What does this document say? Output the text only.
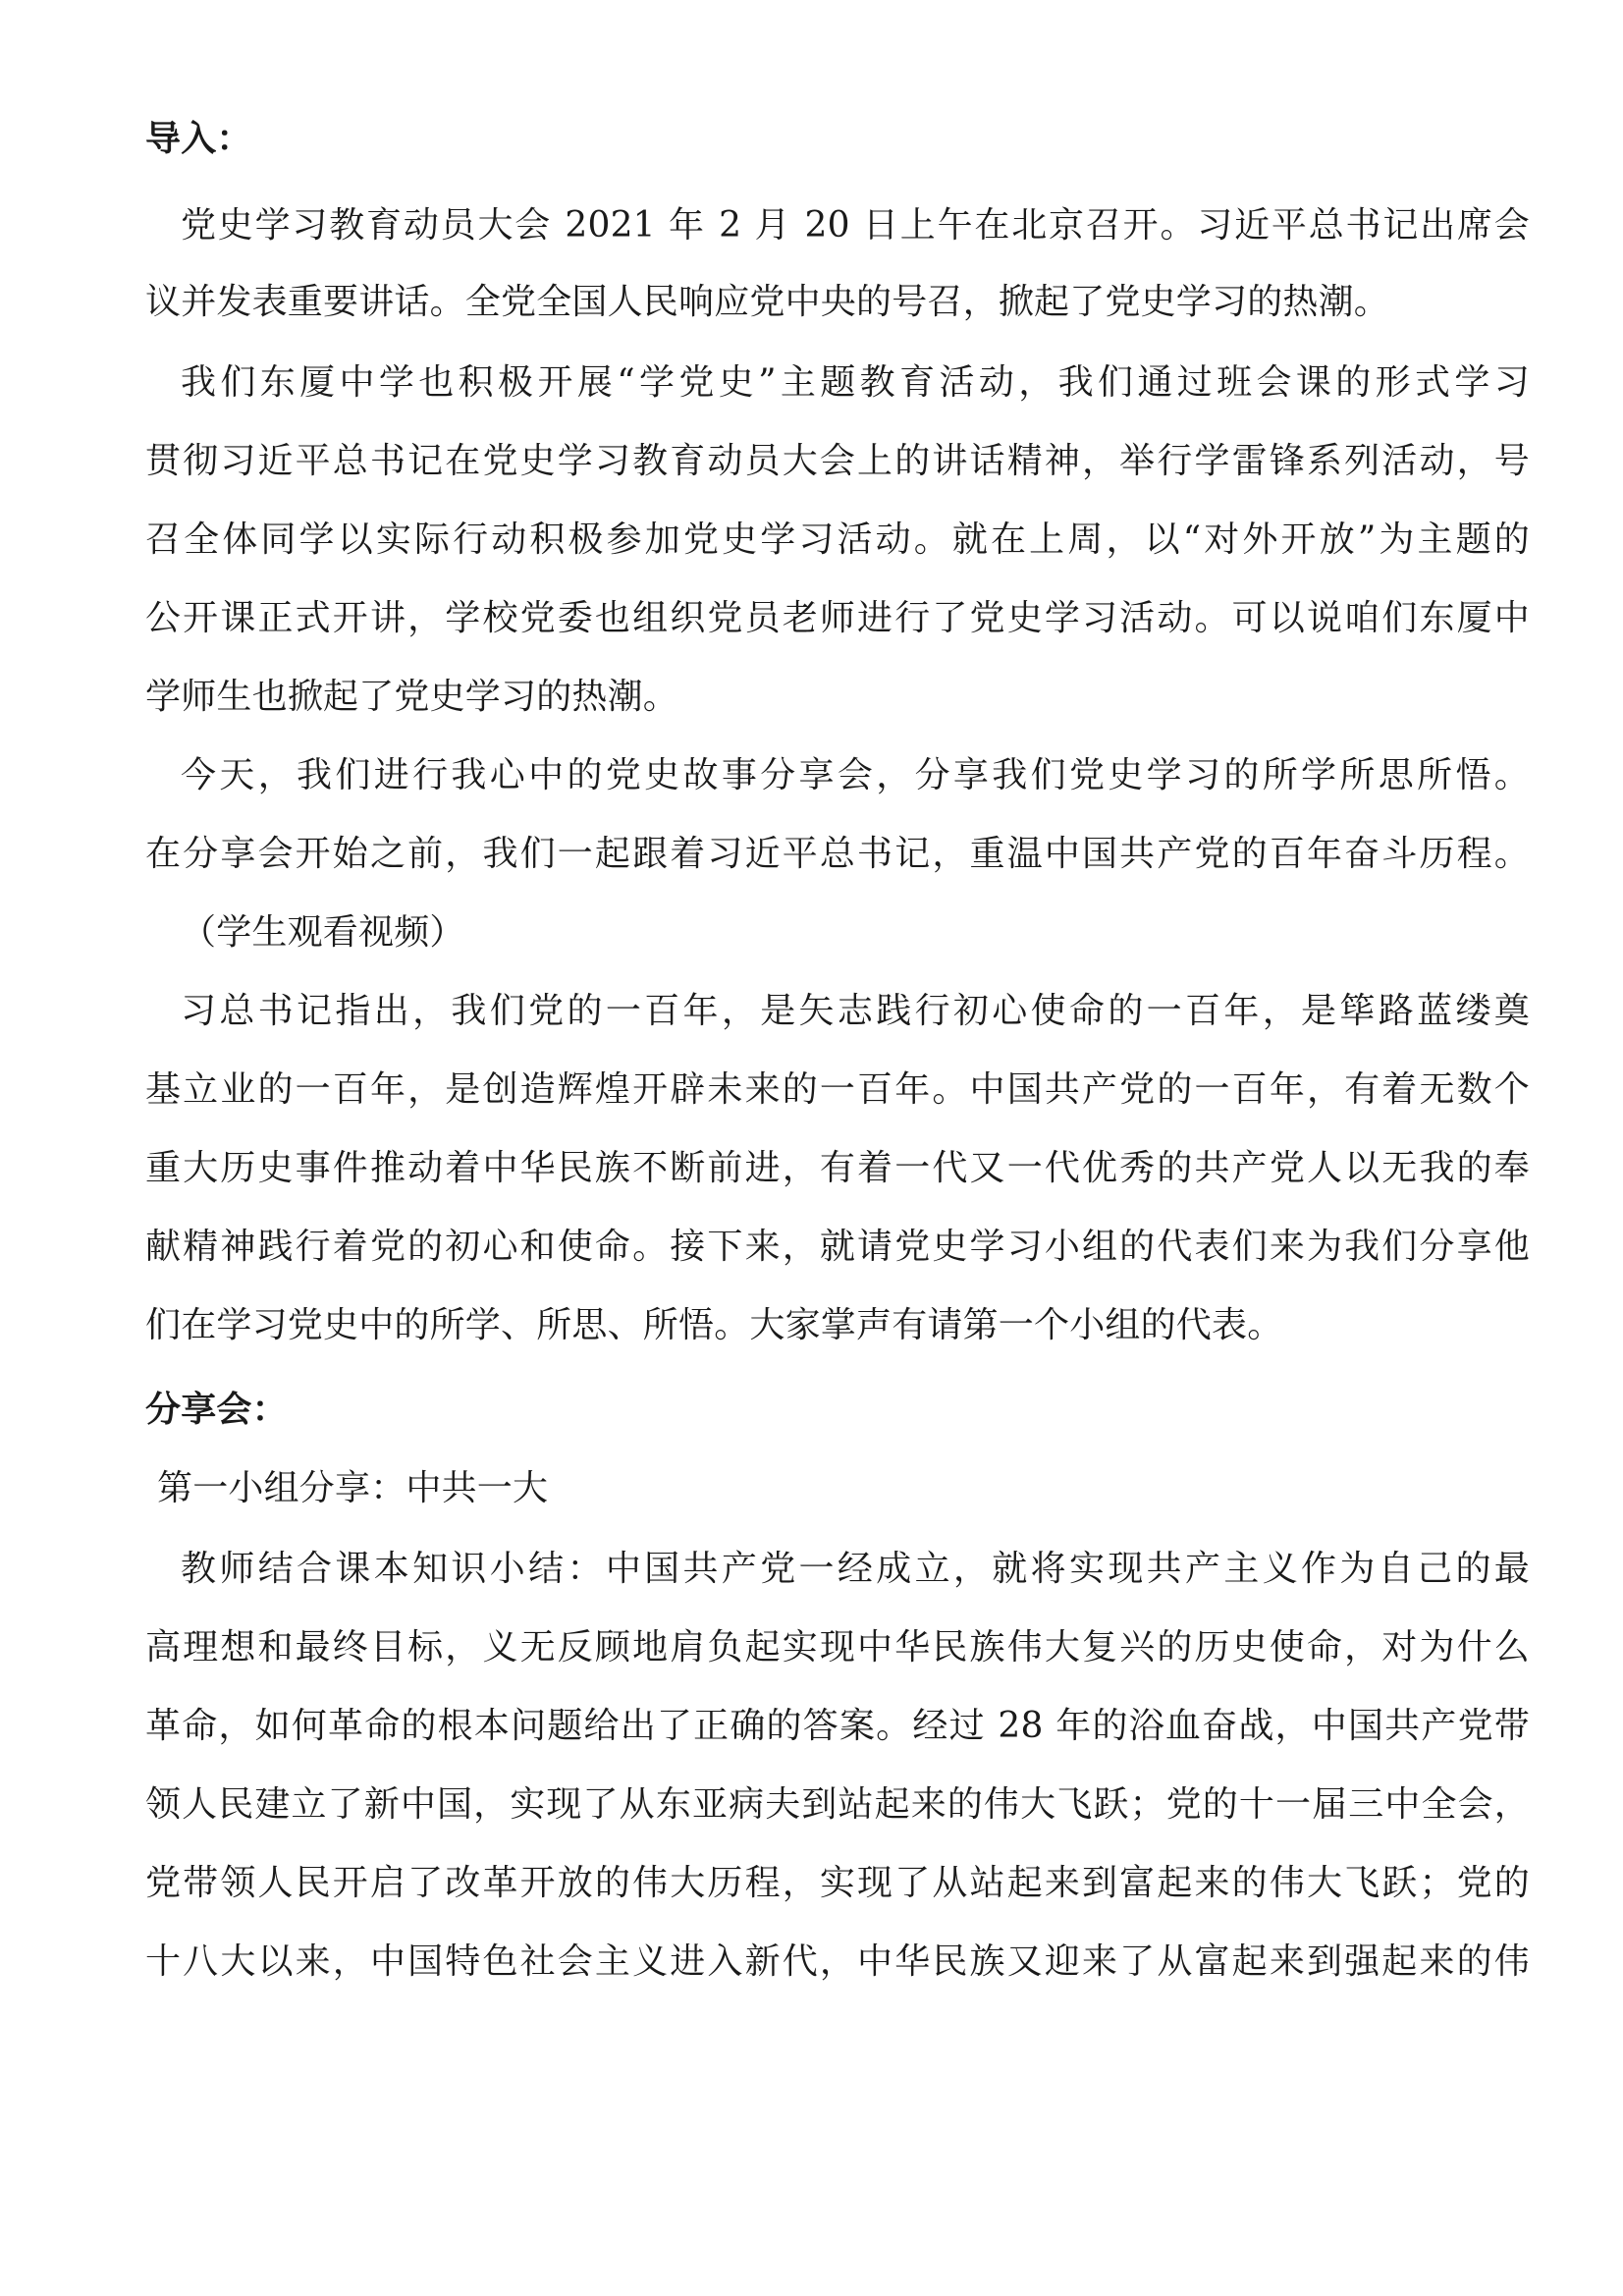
导入：
党史学习教育动员大会 2021 年 2 月 20 日上午在北京召开。习近平总书记出席会
议并发表重要讲话。全党全国人民响应党中央的号召，掀起了党史学习的热潮。
我们东厦中学也积极开展“学党史”主题教育活动，我们通过班会课的形式学习
贯彻习近平总书记在党史学习教育动员大会上的讲话精神，举行学雷锋系列活动，号
召全体同学以实际行动积极参加党史学习活动。就在上周，以“对外开放”为主题的
公开课正式开讲，学校党委也组织党员老师进行了党史学习活动。可以说咱们东厦中
学师生也掀起了党史学习的热潮。
今天，我们进行我心中的党史故事分享会，分享我们党史学习的所学所思所悟。
在分享会开始之前，我们一起跟着习近平总书记，重温中国共产党的百年奋斗历程。
（学生观看视频）
习总书记指出，我们党的一百年，是矢志践行初心使命的一百年，是筚路蓝缕奠
基立业的一百年，是创造辉煌开辟未来的一百年。中国共产党的一百年，有着无数个
重大历史事件推动着中华民族不断前进，有着一代又一代优秀的共产党人以无我的奉
献精神践行着党的初心和使命。接下来，就请党史学习小组的代表们来为我们分享他
们在学习党史中的所学、所思、所悟。大家掌声有请第一个小组的代表。
分享会：
第一小组分享：中共一大
教师结合课本知识小结：中国共产党一经成立，就将实现共产主义作为自己的最
高理想和最终目标，义无反顾地肩负起实现中华民族伟大复兴的历史使命，对为什么
革命，如何革命的根本问题给出了正确的答案。经过 28 年的浴血奋战，中国共产党带
领人民建立了新中国，实现了从东亚病夫到站起来的伟大飞跃；党的十一届三中全会，
党带领人民开启了改革开放的伟大历程，实现了从站起来到富起来的伟大飞跃；党的
十八大以来，中国特色社会主义进入新代，中华民族又迎来了从富起来到强起来的伟
